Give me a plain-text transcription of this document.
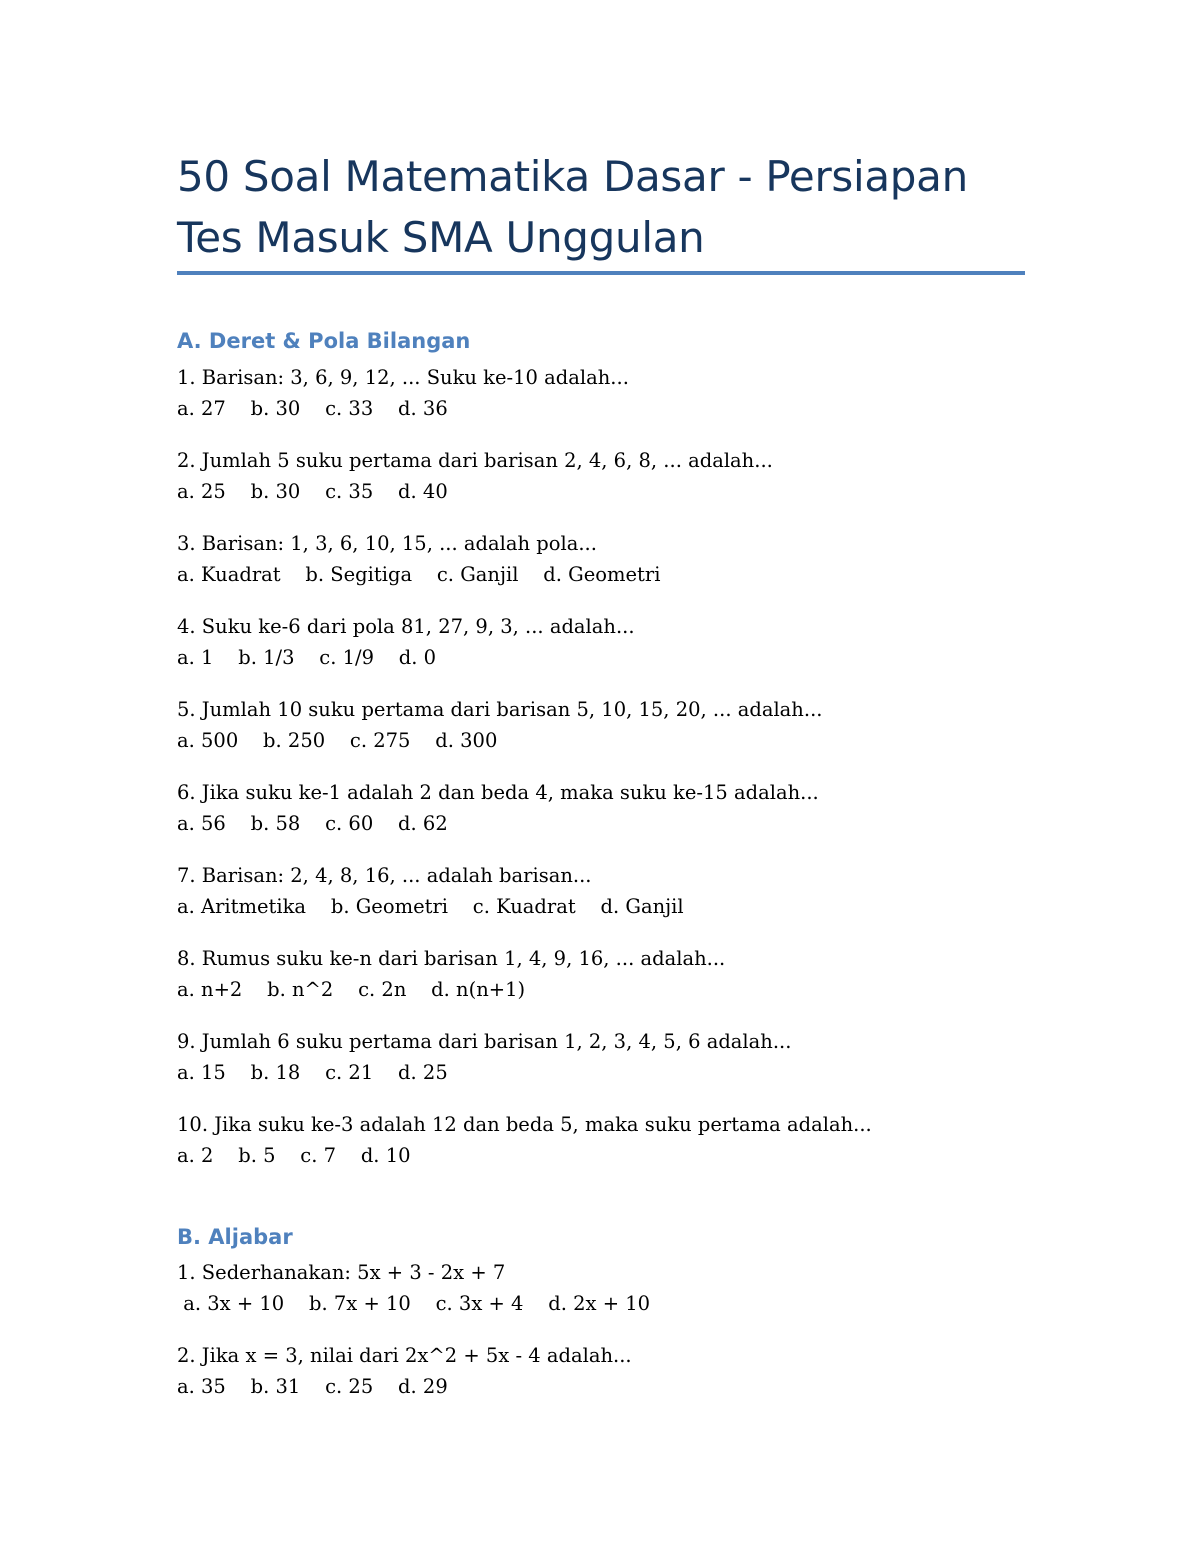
50 Soal Matematika Dasar - Persiapan Tes Masuk SMA Unggulan
A. Deret & Pola Bilangan
1. Barisan: 3, 6, 9, 12, ... Suku ke-10 adalah...
a. 27    b. 30    c. 33    d. 36
2. Jumlah 5 suku pertama dari barisan 2, 4, 6, 8, ... adalah...
a. 25    b. 30    c. 35    d. 40
3. Barisan: 1, 3, 6, 10, 15, ... adalah pola...
a. Kuadrat    b. Segitiga    c. Ganjil    d. Geometri
4. Suku ke-6 dari pola 81, 27, 9, 3, ... adalah...
a. 1    b. 1/3    c. 1/9    d. 0
5. Jumlah 10 suku pertama dari barisan 5, 10, 15, 20, ... adalah...
a. 500    b. 250    c. 275    d. 300
6. Jika suku ke-1 adalah 2 dan beda 4, maka suku ke-15 adalah...
a. 56    b. 58    c. 60    d. 62
7. Barisan: 2, 4, 8, 16, ... adalah barisan...
a. Aritmetika    b. Geometri    c. Kuadrat    d. Ganjil
8. Rumus suku ke-n dari barisan 1, 4, 9, 16, ... adalah...
a. n+2    b. n^2    c. 2n    d. n(n+1)
9. Jumlah 6 suku pertama dari barisan 1, 2, 3, 4, 5, 6 adalah...
a. 15    b. 18    c. 21    d. 25
10. Jika suku ke-3 adalah 12 dan beda 5, maka suku pertama adalah...
a. 2    b. 5    c. 7    d. 10
B. Aljabar
1. Sederhanakan: 5x + 3 - 2x + 7
a. 3x + 10    b. 7x + 10    c. 3x + 4    d. 2x + 10
2. Jika x = 3, nilai dari 2x^2 + 5x - 4 adalah...
a. 35    b. 31    c. 25    d. 29
